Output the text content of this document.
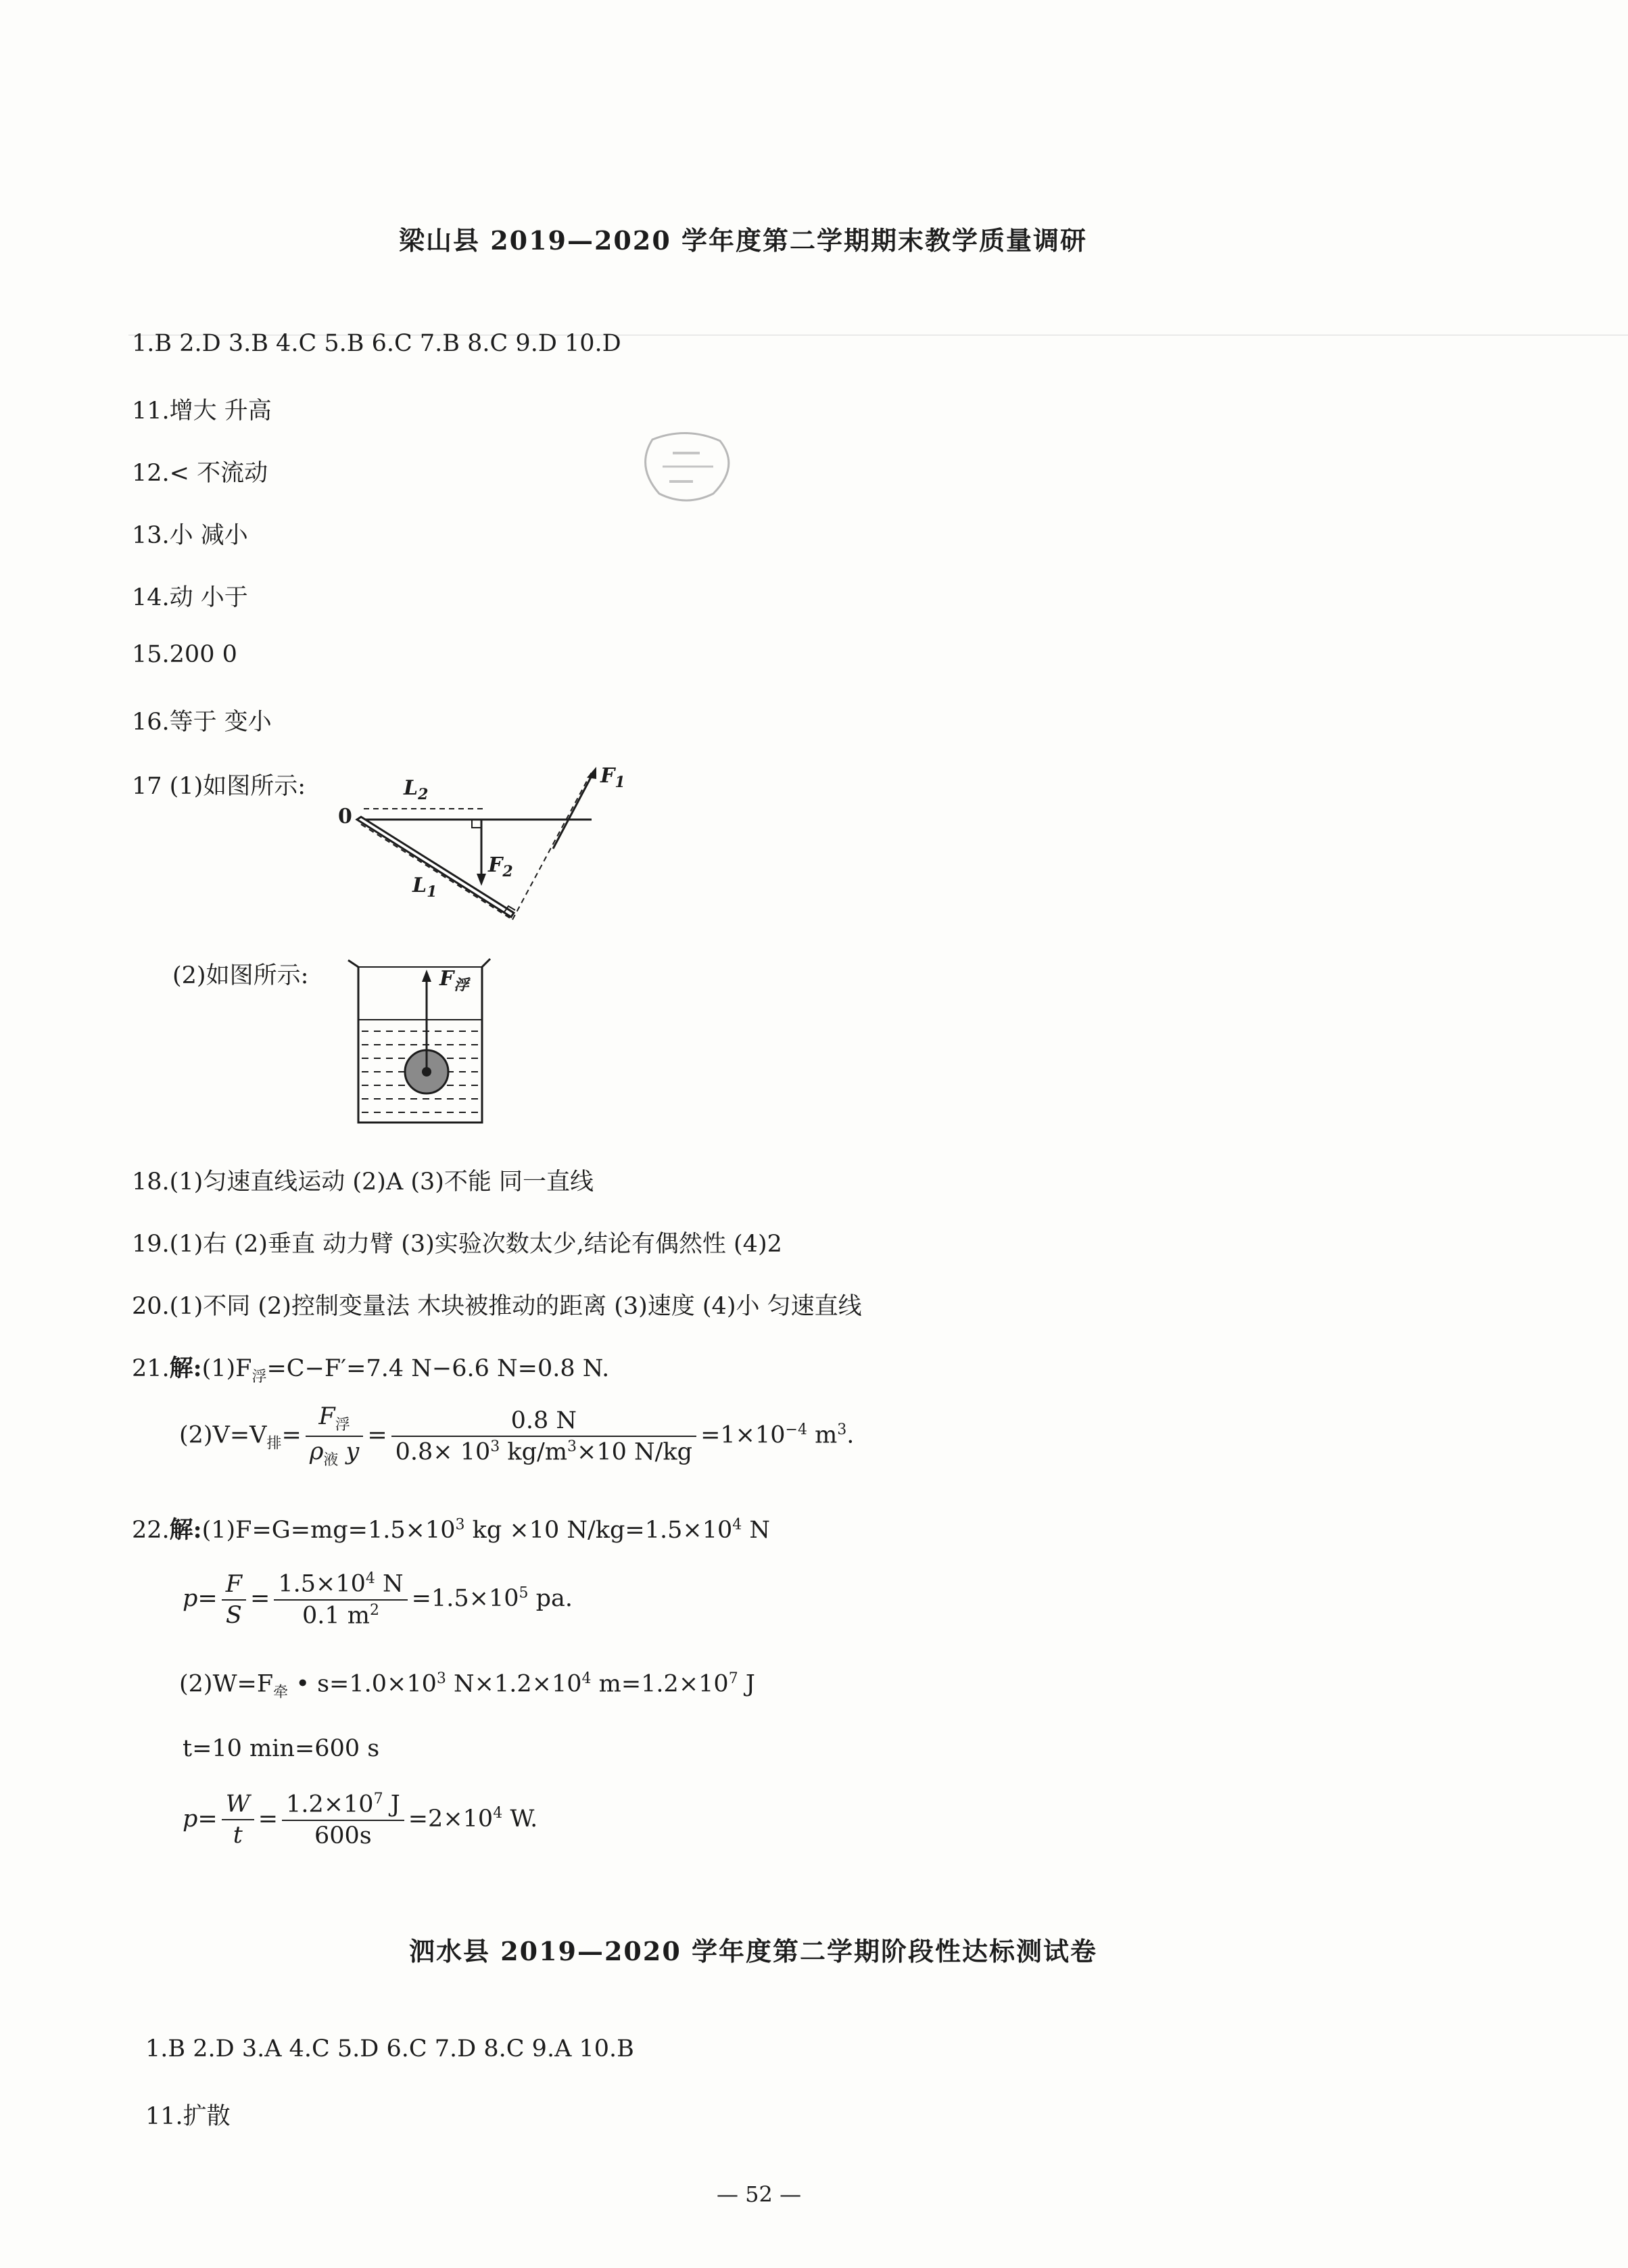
梁山县 2019—2020 学年度第二学期期末教学质量调研
1.B 2.D 3.B 4.C 5.B 6.C 7.B 8.C 9.D 10.D
11.增大 升高
12.< 不流动
13.小 减小
14.动 小于
15.200 0
16.等于 变小
17 (1)如图所示:
0
$L_2$
$L_1$
$F_1$
$F_2$
(2)如图所示:	$F_浮$
18.(1)匀速直线运动 (2)A (3)不能 同一直线
19.(1)右 (2)垂直 动力臂 (3)实验次数太少,结论有偶然性 (4)2
20.(1)不同 (2)控制变量法 木块被推动的距离 (3)速度 (4)小 匀速直线
21.解$:(1)F_浮=C-F'=7.4$ N−6.6 N=0.8 N.
$(2)V=V_排= \frac{F_浮}{\rho_液 y} = \frac{0.8 N}{0.8\times 10^3 kg/m^3\times 10 N/kg} =1\times 10^{-4}$ $m^3$.
22.解$:(1)F=G=mg=1.5\times 10^3$ kg ×10 $N/kg=1.5\times 10^4$ N
$p= \frac{F}{S} = \frac{1.5\times 10^4 N}{0.1 m^2} =1.5\times 10^5$ pa.
$(2)W=F_牵$ • $s=1.0\times 10^3$ $N\times 1.2\times 10^4$ $m=1.2\times 10^7$ J
t=10 min=600 s
$p= \frac{W}{t} = \frac{1.2\times 10^7 J}{600s} =2\times 10^4$ W.
泗水县 2019—2020 学年度第二学期阶段性达标测试卷
1.B 2.D 3.A 4.C 5.D 6.C 7.D 8.C 9.A 10.B
11.扩散
— 52 —
